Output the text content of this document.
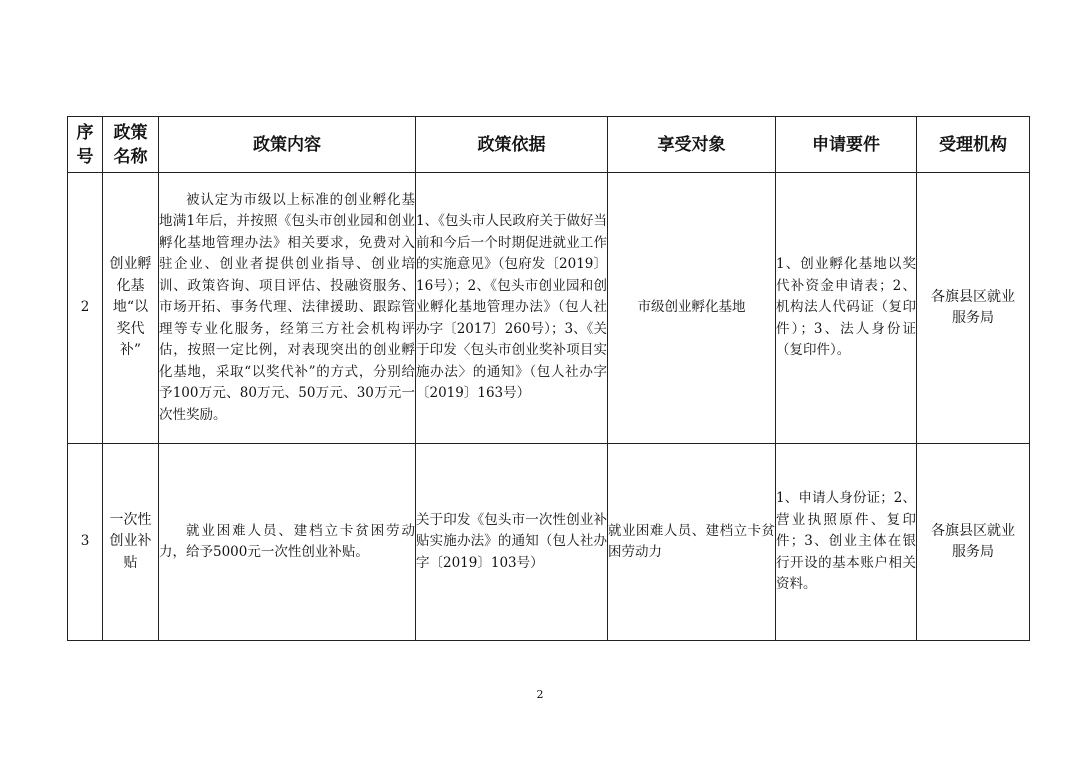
序号	政策名称	政策内容	政策依据	享受对象	申请要件	受理机构
2	创业孵化基地“以奖代补”	被认定为市级以上标准的创业孵化基地满1年后，并按照《包头市创业园和创业孵化基地管理办法》相关要求，免费对入驻企业、创业者提供创业指导、创业培训、政策咨询、项目评估、投融资服务、市场开拓、事务代理、法律援助、跟踪管理等专业化服务，经第三方社会机构评估，按照一定比例，对表现突出的创业孵化基地，采取“以奖代补”的方式，分别给予100万元、80万元、50万元、30万元一次性奖励。	1、《包头市人民政府关于做好当前和今后一个时期促进就业工作的实施意见》（包府发〔2019〕16号）；2、《包头市创业园和创业孵化基地管理办法》（包人社办字〔2017〕260号）；3、《关于印发〈包头市创业奖补项目实施办法〉的通知》（包人社办字〔2019〕163号）	市级创业孵化基地	1、创业孵化基地以奖代补资金申请表；2、机构法人代码证（复印件）；3、法人身份证（复印件）。	各旗县区就业服务局

3	一次性创业补贴	就业困难人员、建档立卡贫困劳动力，给予5000元一次性创业补贴。	关于印发《包头市一次性创业补贴实施办法》的通知（包人社办字〔2019〕103号）	就业困难人员、建档立卡贫困劳动力	1、申请人身份证；2、营业执照原件、复印件；3、创业主体在银行开设的基本账户相关资料。	各旗县区就业服务局
2
